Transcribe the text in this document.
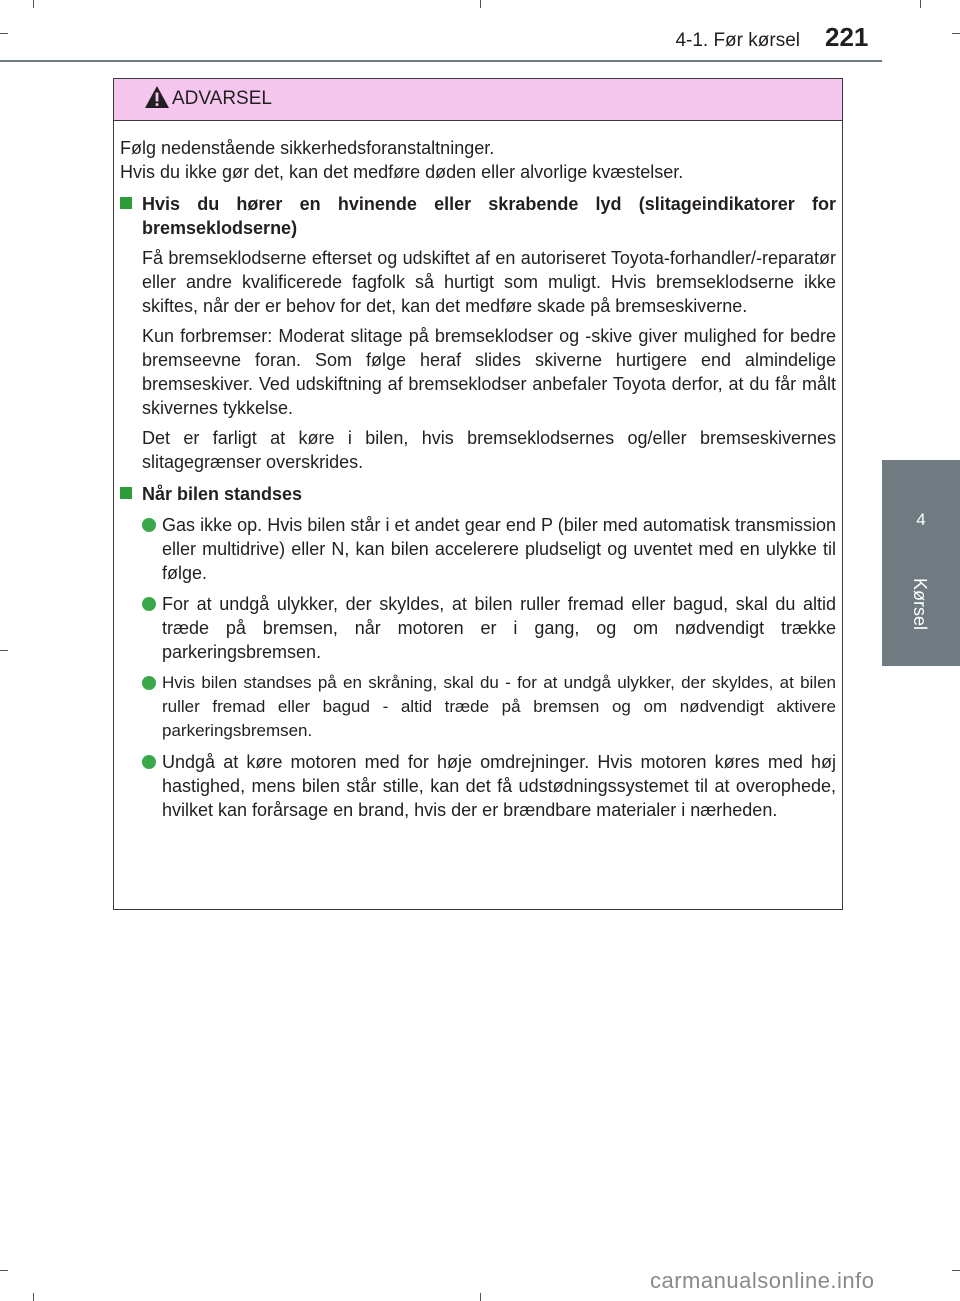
4-1. Før kørsel 221
4
Kørsel
ADVARSEL

Følg nedenstående sikkerhedsforanstaltninger.

Hvis du ikke gør det, kan det medføre døden eller alvorlige kvæstelser.

Hvis du hører en hvinende eller skrabende lyd (slitageindikatorer for bremseklodserne)

Få bremseklodserne efterset og udskiftet af en autoriseret Toyota-forhandler/-reparatør eller andre kvalificerede fagfolk så hurtigt som muligt. Hvis bremseklodserne ikke skiftes, når der er behov for det, kan det medføre skade på bremseskiverne.

Kun forbremser: Moderat slitage på bremseklodser og -skive giver mulighed for bedre bremseevne foran. Som følge heraf slides skiverne hurtigere end almindelige bremseskiver. Ved udskiftning af bremseklodser anbefaler Toyota derfor, at du får målt skivernes tykkelse.

Det er farligt at køre i bilen, hvis bremseklodsernes og/eller bremseskivernes slitagegrænser overskrides.

Når bilen standses
Gas ikke op. Hvis bilen står i et andet gear end P (biler med automatisk transmission eller multidrive) eller N, kan bilen accelerere pludseligt og uventet med en ulykke til følge.
For at undgå ulykker, der skyldes, at bilen ruller fremad eller bagud, skal du altid træde på bremsen, når motoren er i gang, og om nødvendigt trække parkeringsbremsen.
Hvis bilen standses på en skråning, skal du - for at undgå ulykker, der skyldes, at bilen ruller fremad eller bagud - altid træde på bremsen og om nødvendigt aktivere parkeringsbremsen.
Undgå at køre motoren med for høje omdrejninger. Hvis motoren køres med høj hastighed, mens bilen står stille, kan det få udstødningssystemet til at overophede, hvilket kan forårsage en brand, hvis der er brændbare materialer i nærheden.
carmanualsonline.info
